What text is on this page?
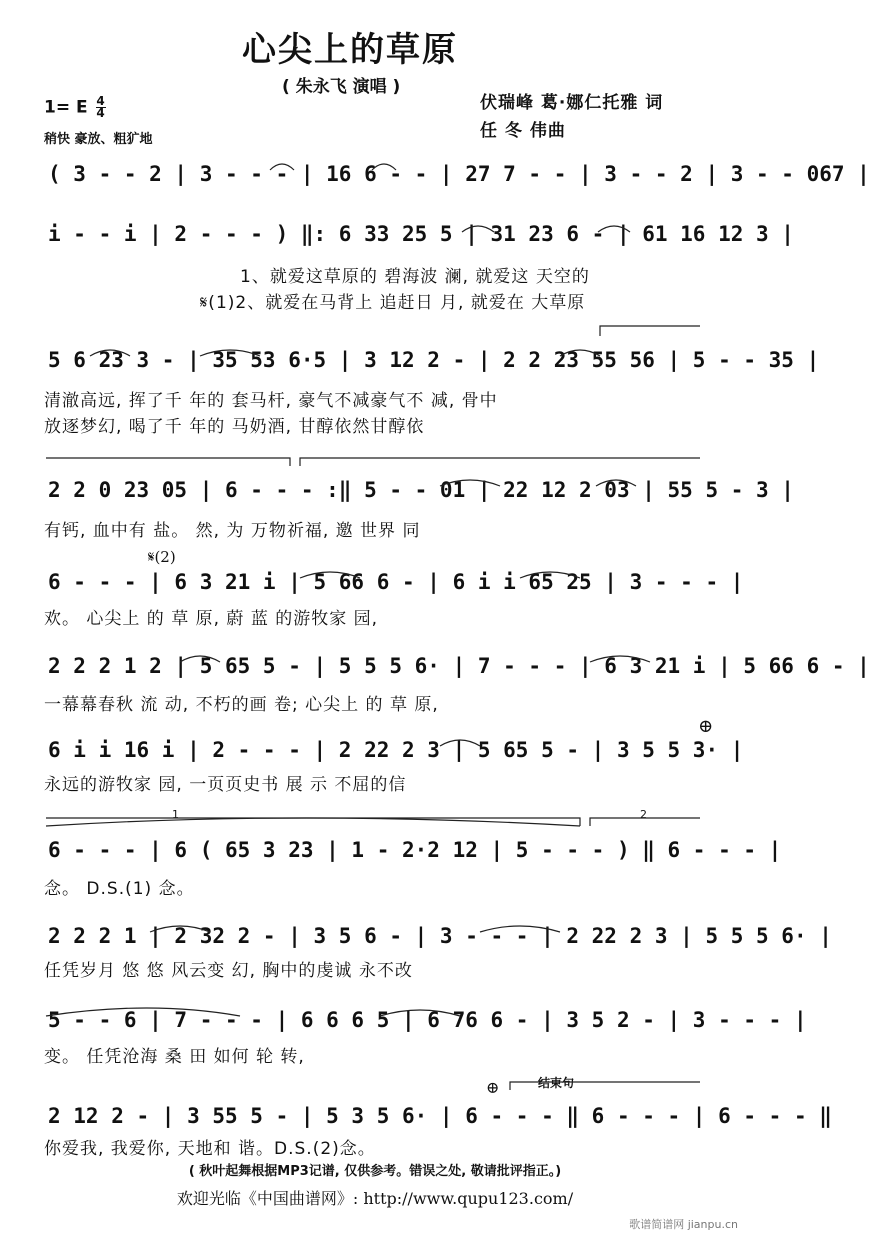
心尖上的草原
( 朱永飞 演唱 )
伏瑞峰 葛·娜仁托雅 词
任 冬 伟曲
1= E $\frac{4}{4}$
稍快 豪放、粗犷地
( 3 - - 2 | 3 - - - | 16 6 - - | 27 7 - - | 3 - - 2 | 3 - - 067 |
i - - i | 2 - - - ) ‖: 6 33 25 5 | 31 23 6 - | 61 16 12 3 |
1、就爱这草原的 碧海波 澜, 就爱这 天空的
𝄋(1)2、就爱在马背上 追赶日 月, 就爱在 大草原
5 6 23 3 - | 35 53 6·5 | 3 12 2 - | 2 2 23 55 56 | 5 - - 35 |
清澈高远, 挥了千 年的 套马杆, 豪气不减豪气不 减, 骨中
放逐梦幻, 喝了千 年的 马奶酒, 甘醇依然甘醇依
2 2 0 23 05 | 6 - - - :‖ 5 - - 01 | 22 12 2 03 | 55 5 - 3 |
有钙, 血中有 盐。 然, 为 万物祈福, 邀 世界 同
𝄋(2)
6 - - - | 6 3 21 i | 5 66 6 - | 6 i i 65 25 | 3 - - - |
欢。 心尖上 的 草 原, 蔚 蓝 的游牧家 园,
2 2 2 1 2 | 5 65 5 - | 5 5 5 6· | 7 - - - | 6 3 21 i | 5 66 6 - |
一幕幕春秋 流 动, 不朽的画 卷; 心尖上 的 草 原,
⊕
6 i i 16 i | 2 - - - | 2 22 2 3 | 5 65 5 - | 3 5 5 3· |
永远的游牧家 园, 一页页史书 展 示 不屈的信
1	2
6 - - - | 6 ( 65 3 23 | 1 - 2·2 12 | 5 - - - ) ‖ 6 - - - |
念。 D.S.(1) 念。
2 2 2 1 | 2 32 2 - | 3 5 6 - | 3 - - - | 2 22 2 3 | 5 5 5 6· |
任凭岁月 悠 悠 风云变 幻, 胸中的虔诚 永不改
5 - - 6 | 7 - - - | 6 6 6 5 | 6 76 6 - | 3 5 2 - | 3 - - - |
变。 任凭沧海 桑 田 如何 轮 转,
⊕	结束句
2 12 2 - | 3 55 5 - | 5 3 5 6· | 6 - - - ‖ 6 - - - | 6 - - - ‖
你爱我, 我爱你, 天地和 谐。D.S.(2)念。
( 秋叶起舞根据MP3记谱, 仅供参考。错误之处, 敬请批评指正。)
欢迎光临《中国曲谱网》: http://www.qupu123.com/
歌谱简谱网 jianpu.cn
